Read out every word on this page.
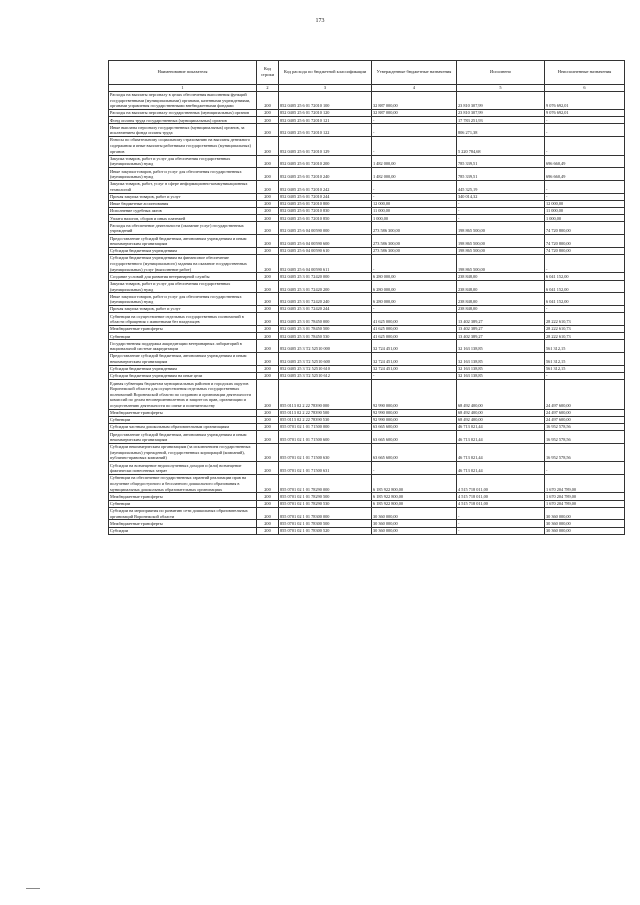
173
Наименование показателя	Код строки	Код расхода по бюджетной классификации	Утвержденные бюджетные назначения	Исполнено	Неисполненные назначения
1	2	3	4	5	6
Расходы на выплаты персоналу в целях обеспечения выполнения функций государственными (муниципальными) органами, казенными учреждениями, органами управления государственными внебюджетными фондами	200	852 0405 25 6 01 72010 100	32 887 000,00	23 810 307,99	9 076 692,01
Расходы на выплаты персоналу государственных (муниципальных) органов	200	852 0405 25 6 01 72010 120	32 887 000,00	23 810 307,99	9 076 692,01
Фонд оплаты труда государственных (муниципальных) органов	200	852 0405 25 6 01 72010 121	-	17 783 251,93	-
Иные выплаты персоналу государственных (муниципальных) органов, за исключением фонда оплаты труда	200	852 0405 25 6 01 72010 122	-	806 271,38	-
Взносы по обязательному социальному страхованию на выплаты денежного содержания и иные выплаты работникам государственных (муниципальных) органов	200	852 0405 25 6 01 72010 129	-	5 220 784,68	-
Закупка товаров, работ и услуг для обеспечения государственных (муниципальных) нужд	200	852 0405 25 6 01 72010 200	1 482 000,00	785 339,51	696 660,49
Иные закупки товаров, работ и услуг для обеспечения государственных (муниципальных) нужд	200	852 0405 25 6 01 72010 240	1 482 000,00	785 339,51	696 660,49
Закупка товаров, работ, услуг в сфере информационно-коммуникационных технологий	200	852 0405 25 6 01 72010 242	-	445 325,19	-
Прочая закупка товаров, работ и услуг	200	852 0405 25 6 01 72010 244	-	340 014,32	-
Иные бюджетные ассигнования	200	852 0405 25 6 01 72010 800	12 000,00	-	12 000,00
Исполнение судебных актов	200	852 0405 25 6 01 72010 830	11 000,00	-	11 000,00
Уплата налогов, сборов и иных платежей	200	852 0405 25 6 01 72010 850	1 000,00	-	1 000,00
Расходы на обеспечение деятельности (оказание услуг) государственных учреждений	200	852 0405 25 6 04 00590 000	273 586 300,00	198 865 500,00	74 720 800,00
Предоставление субсидий бюджетным, автономным учреждениям и иным некоммерческим организациям	200	852 0405 25 6 04 00590 600	273 586 300,00	198 865 500,00	74 720 800,00
Субсидии бюджетным учреждениям	200	852 0405 25 6 04 00590 610	273 586 300,00	198 865 500,00	74 720 800,00
Субсидии бюджетным учреждениям на финансовое обеспечение государственного (муниципального) задания на оказание государственных (муниципальных) услуг (выполнение работ)	200	852 0405 25 6 04 00590 611	-	198 865 500,00	-
Создание условий для развития ветеринарной службы	200	852 0405 25 3 01 72420 000	6 280 000,00	238 848,00	6 041 152,00
Закупка товаров, работ и услуг для обеспечения государственных (муниципальных) нужд	200	852 0405 25 3 01 72420 200	6 280 000,00	238 848,00	6 041 152,00
Иные закупки товаров, работ и услуг для обеспечения государственных (муниципальных) нужд	200	852 0405 25 3 01 72420 240	6 280 000,00	238 848,00	6 041 152,00
Прочая закупка товаров, работ и услуг	200	852 0405 25 3 01 72420 244	-	238 848,00	-
Субвенции на осуществление отдельных государственных полномочий в области обращения с животными без владельцев	200	852 0405 25 3 01 78450 000	41 625 000,00	13 402 389,27	28 222 610,73
Межбюджетные трансферты	200	852 0405 25 3 01 78450 500	41 625 000,00	13 402 389,27	28 222 610,73
Субвенции	200	852 0405 25 3 01 78450 530	41 625 000,00	13 402 389,27	28 222 610,73
Государственная поддержка аккредитации ветеринарных лабораторий в национальной системе аккредитации	200	852 0405 25 3 Т2 52510 000	32 724 451,00	32 163 138,85	561 312,15
Предоставление субсидий бюджетным, автономным учреждениям и иным некоммерческим организациям	200	852 0405 25 3 Т2 52510 600	32 724 451,00	32 163 138,85	561 312,15
Субсидии бюджетным учреждениям	200	852 0405 25 3 Т2 52510 610	32 724 451,00	32 163 138,85	561 312,15
Субсидии бюджетным учреждениям на иные цели	200	852 0405 25 3 Т2 52510 612	-	32 163 138,85	-
Единая субвенция бюджетам муниципальных районов и городских округов Воронежской области для осуществления отдельных государственных полномочий Воронежской области по созданию и организации деятельности комиссий по делам несовершеннолетних и защите их прав, организации и осуществлению деятельности по опеке и попечительству	200	855 0113 02 2 22 78390 000	92 990 000,00	68 492 400,00	24 497 600,00
Межбюджетные трансферты	200	855 0113 02 2 22 78390 500	92 990 000,00	68 492 400,00	24 497 600,00
Субвенции	200	855 0113 02 2 22 78390 530	92 990 000,00	68 492 400,00	24 497 600,00
Субсидии частным дошкольным образовательным организациям	200	855 0701 02 1 01 71500 000	63 665 600,00	46 713 021,44	16 952 578,56
Предоставление субсидий бюджетным, автономным учреждениям и иным некоммерческим организациям	200	855 0701 02 1 01 71500 600	63 665 600,00	46 713 021,44	16 952 578,56
Субсидии некоммерческим организациям (за исключением государственных (муниципальных) учреждений, государственных корпораций (компаний), публично-правовых компаний)	200	855 0701 02 1 01 71500 630	63 665 600,00	46 713 021,44	16 952 578,56
Субсидии на возмещение недополученных доходов и (или) возмещение фактически понесенных затрат	200	855 0701 02 1 01 71500 631	-	46 713 021,44	-
Субвенции на обеспечение государственных гарантий реализации прав на получение общедоступного и бесплатного дошкольного образования в муниципальных дошкольных образовательных организациях	200	855 0701 02 1 01 78290 000	6 185 922 800,00	4 515 718 011,00	1 670 204 789,00
Межбюджетные трансферты	200	855 0701 02 1 01 78290 500	6 185 922 800,00	4 515 718 011,00	1 670 204 789,00
Субвенции	200	855 0701 02 1 01 78290 530	6 185 922 800,00	4 515 718 011,00	1 670 204 789,00
Субсидии на мероприятия по развитию сети дошкольных образовательных организаций Воронежской области	200	855 0701 02 1 01 78300 000	30 360 000,00	-	30 360 000,00
Межбюджетные трансферты	200	855 0701 02 1 01 78300 500	30 360 000,00	-	30 360 000,00
Субсидии	200	855 0701 02 1 01 78300 520	30 360 000,00	-	30 360 000,00
